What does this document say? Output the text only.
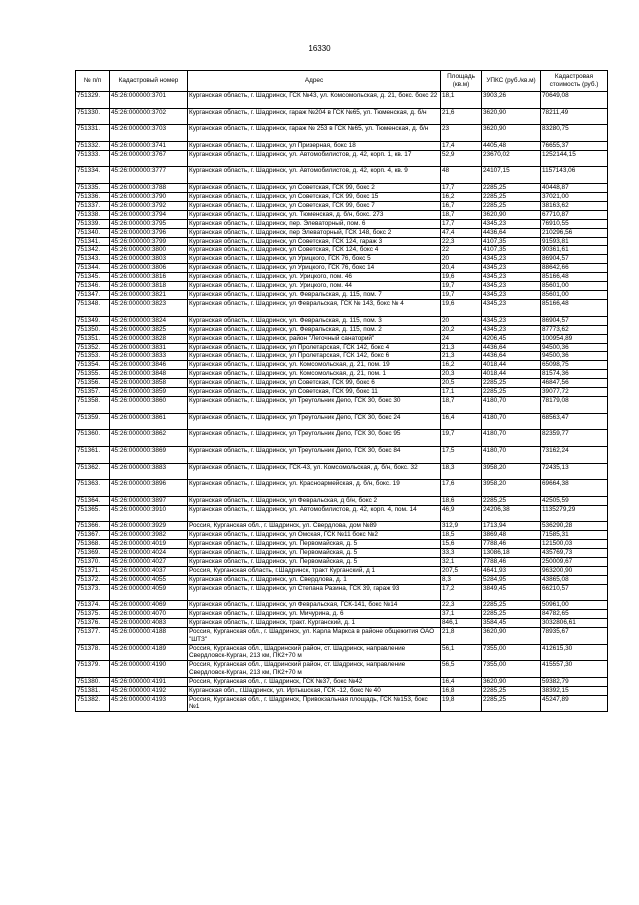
16330
№ п/п	Кадастровый номер	Адрес	Площадь (кв.м)	УПКС (руб./кв.м)	Кадастровая стоимость (руб.)
751329.	45:26:000000:3701	Курганская область, г. Шадринск, ГСК №43, ул. Комсомольская, д. 21, бокс. бокс 22	18,1	3903,26	70649,08
751330.	45:26:000000:3702	Курганская область, г. Шадринск, гараж №204 в ГСК №65, ул. Тюменская, д. б/н	21,6	3620,90	78211,49
751331.	45:26:000000:3703	Курганская область, г. Шадринск, гараж № 253 в ГСК №65, ул. Тюменская, д. б/н	23	3620,90	83280,75
751332.	45:26:000000:3741	Курганская область, г. Шадринск, ул Призерная, бокс 18	17,4	4405,48	76655,37
751333.	45:26:000000:3767	Курганская область, г. Шадринск, ул. Автомобилистов, д. 42, корп. 1, кв. 17	52,9	23670,02	1252144,15
751334.	45:26:000000:3777	Курганская область, г. Шадринск, ул. Автомобилистов, д. 42, корп. 4, кв. 9	48	24107,15	1157143,06
751335.	45:26:000000:3788	Курганская область, г. Шадринск, ул Советская, ГСК 99, бокс 2	17,7	2285,25	40448,87
751336.	45:26:000000:3790	Курганская область, г. Шадринск, ул Советская, ГСК 99, бокс 15	16,2	2285,25	37021,00
751337.	45:26:000000:3792	Курганская область, г. Шадринск, ул Советская, ГСК 99, бокс 7	16,7	2285,25	38163,62
751338.	45:26:000000:3794	Курганская область, г. Шадринск, ул. Тюменская, д. б/н, бокс. 273	18,7	3620,90	67710,87
751339.	45:26:000000:3795	Курганская область, г. Шадринск, пер. Элеваторный, пом. 6	17,7	4345,23	76910,55
751340.	45:26:000000:3796	Курганская область, г. Шадринск, пер Элеваторный, ГСК 148, бокс 2	47,4	4436,64	210296,56
751341.	45:26:000000:3799	Курганская область, г. Шадринск, ул Советская, ГСК 124, гараж 3	22,3	4107,35	91593,81
751342.	45:26:000000:3800	Курганская область, г. Шадринск, ул Советская, ГСК 124, бокс 4	22	4107,35	90361,61
751343.	45:26:000000:3803	Курганская область, г. Шадринск, ул Урицкого, ГСК 76, бокс 5	20	4345,23	86904,57
751344.	45:26:000000:3806	Курганская область, г. Шадринск, ул Урицкого, ГСК 76, бокс 14	20,4	4345,23	88642,66
751345.	45:26:000000:3816	Курганская область, г. Шадринск, ул. Урицкого, пом. 46	19,6	4345,23	85166,48
751346.	45:26:000000:3818	Курганская область, г. Шадринск, ул. Урицкого, пом. 44	19,7	4345,23	85601,00
751347.	45:26:000000:3821	Курганская область, г. Шадринск, ул. Февральская, д. 115, пом. 7	19,7	4345,23	85601,00
751348.	45:26:000000:3823	Курганская область, г. Шадринск, ул Февральская, ГСК № 143, бокс № 4	19,6	4345,23	85166,48
751349.	45:26:000000:3824	Курганская область, г. Шадринск, ул. Февральская, д. 115, пом. 3	20	4345,23	86904,57
751350.	45:26:000000:3825	Курганская область, г. Шадринск, ул. Февральская, д. 115, пом. 2	20,2	4345,23	87773,62
751351.	45:26:000000:3828	Курганская область, г. Шадринск, район "Легочный санаторий"	24	4206,45	100954,89
751352.	45:26:000000:3831	Курганская область, г. Шадринск, ул Пролетарская, ГСК 142, бокс 4	21,3	4436,64	94500,36
751353.	45:26:000000:3833	Курганская область, г. Шадринск, ул Пролетарская, ГСК 142, бокс 6	21,3	4436,64	94500,36
751354.	45:26:000000:3846	Курганская область, г. Шадринск, ул. Комсомольская, д. 21, пом. 19	16,2	4018,44	65098,75
751355.	45:26:000000:3848	Курганская область, г. Шадринск, ул. Комсомольская, д. 21, пом. 1	20,3	4018,44	81574,36
751356.	45:26:000000:3858	Курганская область, г. Шадринск, ул Советская, ГСК 99, бокс 6	20,5	2285,25	46847,56
751357.	45:26:000000:3859	Курганская область, г. Шадринск, ул Советская, ГСК 99, бокс 11	17,1	2285,25	39077,72
751358.	45:26:000000:3860	Курганская область, г. Шадринск, ул Треугольник Депо, ГСК 30, бокс 30	18,7	4180,70	78179,08
751359.	45:26:000000:3861	Курганская область, г. Шадринск, ул Треугольник Депо, ГСК 30, бокс 24	16,4	4180,70	68563,47
751360.	45:26:000000:3862	Курганская область, г. Шадринск, ул Треугольник Депо, ГСК 30, бокс 95	19,7	4180,70	82359,77
751361.	45:26:000000:3869	Курганская область, г. Шадринск, ул Треугольник Депо, ГСК 30, бокс 84	17,5	4180,70	73162,24
751362.	45:26:000000:3883	Курганская область, г. Шадринск, ГСК-43, ул. Комсомольская, д. б/н, бокс. 32	18,3	3958,20	72435,13
751363.	45:26:000000:3896	Курганская область, г. Шадринск, ул. Красноармейская, д. б/н, бокс. 19	17,6	3958,20	69664,38
751364.	45:26:000000:3897	Курганская область, г. Шадринск, ул Февральская, д б/н, бокс 2	18,6	2285,25	42505,59
751365.	45:26:000000:3910	Курганская область, г. Шадринск, ул. Автомобилистов, д. 42, корп. 4, пом. 14	46,9	24206,38	1135279,29
751366.	45:26:000000:3929	Россия, Курганская обл., г. Шадринск, ул. Свердлова, дом №89	312,9	1713,94	536290,28
751367.	45:26:000000:3982	Курганская область, г. Шадринск, ул Омская, ГСК №11 бокс №2	18,5	3869,48	71585,31
751368.	45:26:000000:4019	Курганская область, г. Шадринск, ул. Первомайская, д. 5	15,6	7788,46	121500,03
751369.	45:26:000000:4024	Курганская область, г. Шадринск, ул. Первомайская, д. 5	33,3	13086,18	435769,73
751370.	45:26:000000:4027	Курганская область, г. Шадринск, ул. Первомайская, д. 5	32,1	7788,46	250009,67
751371.	45:26:000000:4037	Россия, Курганская область, г.Шадринск, тракт Курганский, д 1	207,5	4641,93	963200,90
751372.	45:26:000000:4055	Курганская область, г. Шадринск, ул. Свердлова, д. 1	8,3	5284,95	43865,08
751373.	45:26:000000:4059	Курганская область, г. Шадринск, ул Степана Разина, ГСК 39, гараж 93	17,2	3849,45	66210,57
751374.	45:26:000000:4069	Курганская область, г. Шадринск, ул Февральская, ГСК-141, бокс №14	22,3	2285,25	50961,00
751375.	45:26:000000:4070	Курганская область, г. Шадринск, ул. Мичурина, д. 6	37,1	2285,25	84782,65
751376.	45:26:000000:4083	Курганская область, г. Шадринск, тракт. Курганский, д. 1	846,1	3584,45	3032806,61
751377.	45:26:000000:4188	Россия, Курганская обл., г. Шадринск, ул. Карла Маркса в районе общежития ОАО "ШТЗ"	21,8	3620,90	78935,67
751378.	45:26:000000:4189	Россия, Курганская обл., Шадринский район, ст. Шадринск, направление Свердловск-Курган, 213 км, ПК2+70 м	56,1	7355,00	412615,30
751379.	45:26:000000:4190	Россия, Курганская обл., Шадринский район, ст. Шадринск, направление Свердловск-Курган, 213 км, ПК2+70 м	56,5	7355,00	415557,30
751380.	45:26:000000:4191	Россия, Курганская обл., г. Шадринск, ГСК №37, бокс №42	16,4	3620,90	59382,79
751381.	45:26:000000:4192	Курганская обл., г.Шадринск, ул. Иртышская, ГСК -12, бокс № 40	16,8	2285,25	38392,15
751382.	45:26:000000:4193	Россия, Курганская обл., г. Шадринск, Привокзальная площадь, ГСК №153, бокс №1	19,8	2285,25	45247,89
